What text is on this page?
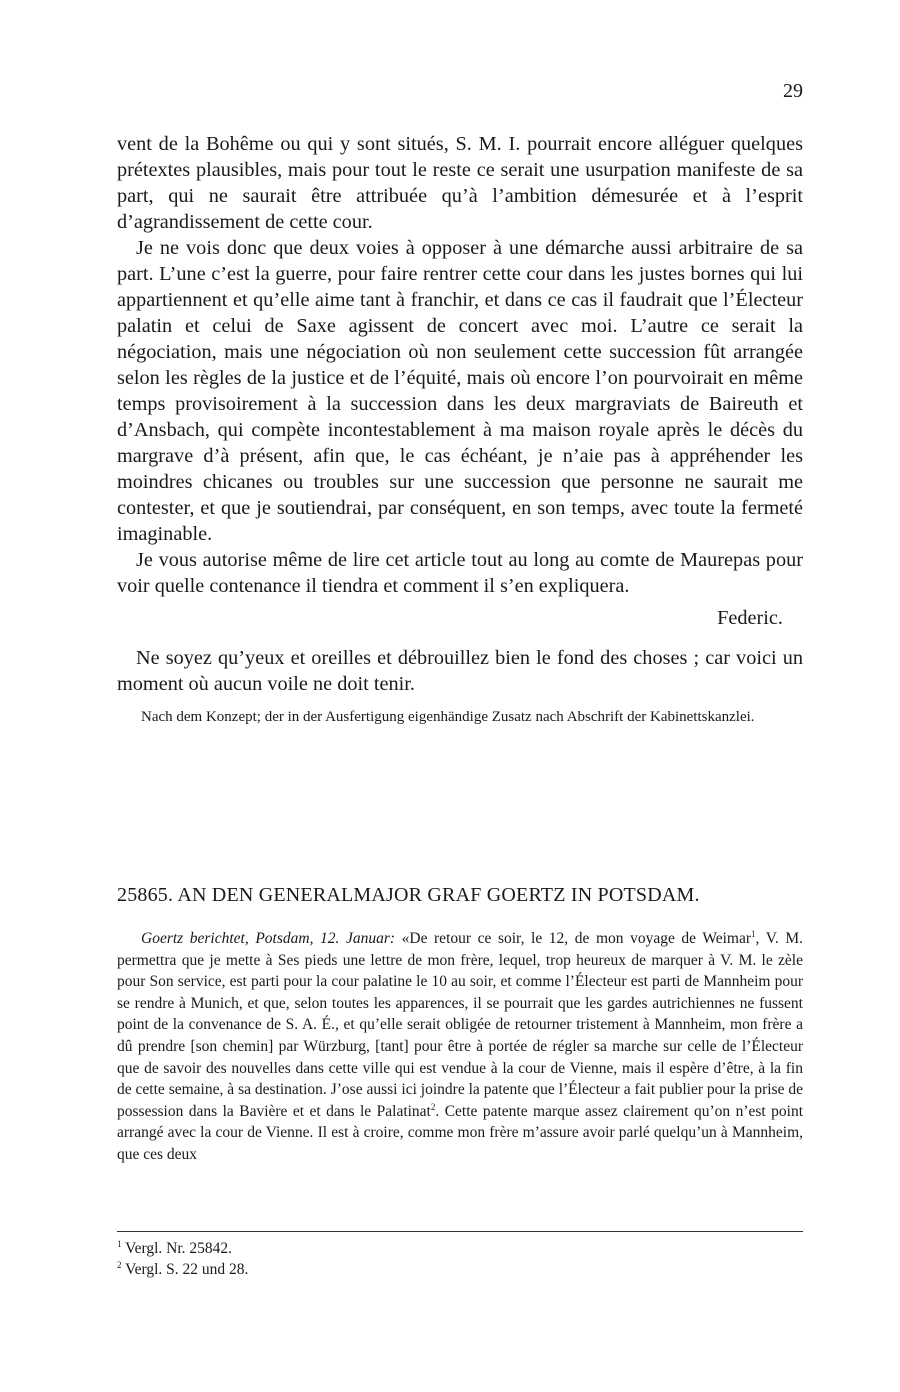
29

vent de la Bohême ou qui y sont situés, S. M. I. pourrait encore alléguer quelques prétextes plausibles, mais pour tout le reste ce serait une usurpation manifeste de sa part, qui ne saurait être attribuée qu’à l’ambition démesurée et à l’esprit d’agrandissement de cette cour.

Je ne vois donc que deux voies à opposer à une démarche aussi arbitraire de sa part. L’une c’est la guerre, pour faire rentrer cette cour dans les justes bornes qui lui appartiennent et qu’elle aime tant à franchir, et dans ce cas il faudrait que l’Électeur palatin et celui de Saxe agissent de concert avec moi. L’autre ce serait la négociation, mais une négociation où non seulement cette succession fût arrangée selon les règles de la justice et de l’équité, mais où encore l’on pourvoirait en même temps provisoirement à la succession dans les deux margraviats de Baireuth et d’Ansbach, qui compète incontestablement à ma maison royale après le décès du margrave d’à présent, afin que, le cas échéant, je n’aie pas à appréhender les moindres chicanes ou troubles sur une succession que personne ne saurait me contester, et que je soutiendrai, par conséquent, en son temps, avec toute la fermeté imaginable.

Je vous autorise même de lire cet article tout au long au comte de Maurepas pour voir quelle contenance il tiendra et comment il s’en expliquera.

Federic.

Ne soyez qu’yeux et oreilles et débrouillez bien le fond des choses ; car voici un moment où aucun voile ne doit tenir.

Nach dem Konzept; der in der Ausfertigung eigenhändige Zusatz nach Abschrift der Kabinettskanzlei.

25865. AN DEN GENERALMAJOR GRAF GOERTZ IN POTSDAM.

Goertz berichtet, Potsdam, 12. Januar: «De retour ce soir, le 12, de mon voyage de Weimar$^1$, V. M. permettra que je mette à Ses pieds une lettre de mon frère, lequel, trop heureux de marquer à V. M. le zèle pour Son service, est parti pour la cour palatine le 10 au soir, et comme l’Électeur est parti de Mannheim pour se rendre à Munich, et que, selon toutes les apparences, il se pourrait que les gardes autrichiennes ne fussent point de la convenance de S. A. É., et qu’elle serait obligée de retourner tristement à Mannheim, mon frère a dû prendre [son chemin] par Würzburg, [tant] pour être à portée de régler sa marche sur celle de l’Électeur que de savoir des nouvelles dans cette ville qui est vendue à la cour de Vienne, mais il espère d’être, à la fin de cette semaine, à sa destination. J’ose aussi ici joindre la patente que l’Électeur a fait publier pour la prise de possession dans la Bavière et et dans le Palatinat$^2$. Cette patente marque assez clairement qu’on n’est point arrangé avec la cour de Vienne. Il est à croire, comme mon frère m’assure avoir parlé quelqu’un à Mannheim, que ces deux

$^1$ Vergl. Nr. 25842.
$^2$ Vergl. S. 22 und 28.
